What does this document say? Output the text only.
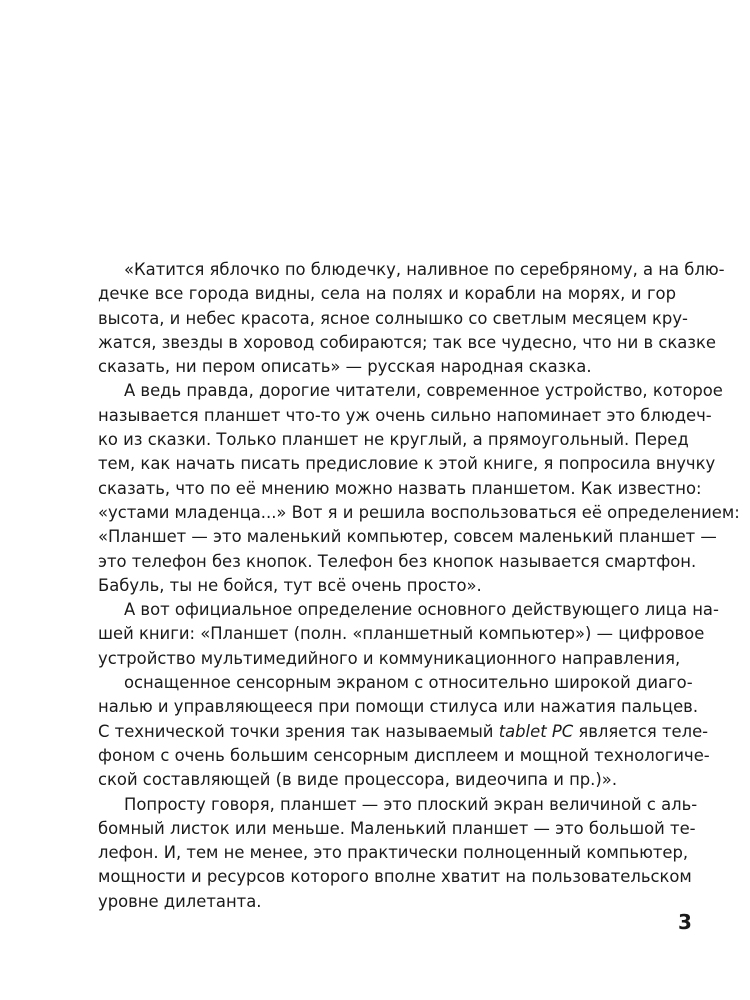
«Катится яблочко по блюдечку, наливное по серебряному, а на блю-
дечке все города видны, села на полях и корабли на морях, и гор
высота, и небес красота, ясное солнышко со светлым месяцем кру-
жатся, звезды в хоровод собираются; так все чудесно, что ни в сказке
сказать, ни пером описать» — русская народная сказка.
А ведь правда, дорогие читатели, современное устройство, которое
называется планшет что-то уж очень сильно напоминает это блюдеч-
ко из сказки. Только планшет не круглый, а прямоугольный. Перед
тем, как начать писать предисловие к этой книге, я попросила внучку
сказать, что по её мнению можно назвать планшетом. Как известно:
«устами младенца...» Вот я и решила воспользоваться её определением:
«Планшет — это маленький компьютер, совсем маленький планшет —
это телефон без кнопок. Телефон без кнопок называется смартфон.
Бабуль, ты не бойся, тут всё очень просто».
А вот официальное определение основного действующего лица на-
шей книги: «Планшет (полн. «планшетный компьютер») — цифровое
устройство мультимедийного и коммуникационного направления,
оснащенное сенсорным экраном с относительно широкой диаго-
налью и управляющееся при помощи стилуса или нажатия пальцев.
С технической точки зрения так называемый tablet PC является теле-
фоном с очень большим сенсорным дисплеем и мощной технологиче-
ской составляющей (в виде процессора, видеочипа и пр.)».
Попросту говоря, планшет — это плоский экран величиной с аль-
бомный листок или меньше. Маленький планшет — это большой те-
лефон. И, тем не менее, это практически полноценный компьютер,
мощности и ресурсов которого вполне хватит на пользовательском
уровне дилетанта.
3
